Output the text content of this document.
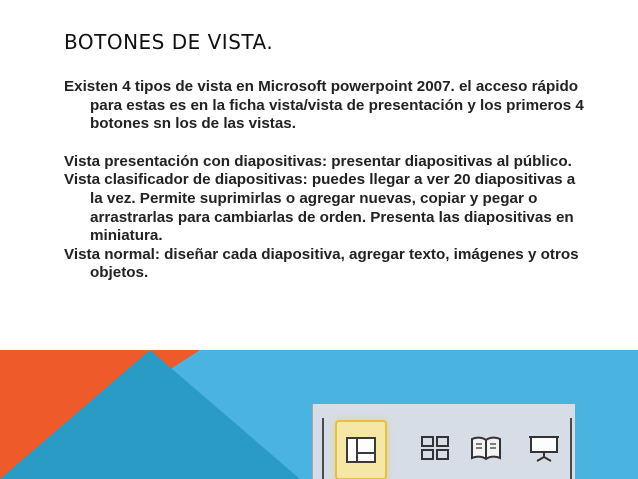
BOTONES DE VISTA.

Existen 4 tipos de vista en Microsoft powerpoint 2007. el acceso rápido para estas es en la ficha vista/vista de presentación y los primeros 4 botones sn los de las vistas.

Vista presentación con diapositivas: presentar diapositivas al público.

Vista clasificador de diapositivas: puedes llegar a ver 20 diapositivas a la vez. Permite suprimirlas o agregar nuevas, copiar y pegar o arrastrarlas para cambiarlas de orden. Presenta las diapositivas en miniatura.

Vista normal: diseñar cada diapositiva, agregar texto, imágenes y otros objetos.
